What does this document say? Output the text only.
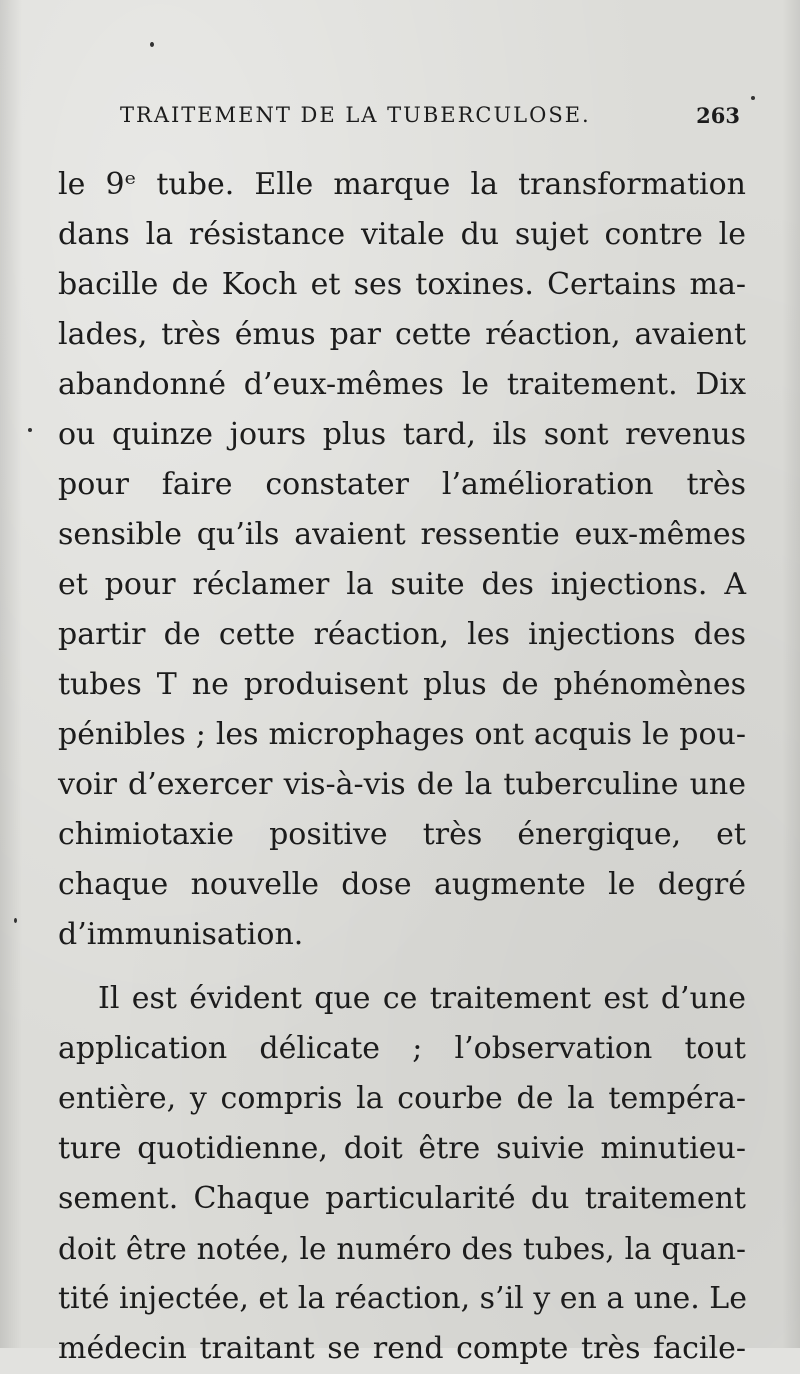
TRAITEMENT DE LA TUBERCULOSE.	263
le 9ᵉ tube. Elle marque la transformation
dans la résistance vitale du sujet contre le
bacille de Koch et ses toxines. Certains ma-
lades, très émus par cette réaction, avaient
abandonné d’eux-mêmes le traitement. Dix
ou quinze jours plus tard, ils sont revenus
pour faire constater l’amélioration très
sensible qu’ils avaient ressentie eux-mêmes
et pour réclamer la suite des injections. A
partir de cette réaction, les injections des
tubes T ne produisent plus de phénomènes
pénibles ; les microphages ont acquis le pou-
voir d’exercer vis-à-vis de la tuberculine une
chimiotaxie positive très énergique, et
chaque nouvelle dose augmente le degré
d’immunisation.
Il est évident que ce traitement est d’une
application délicate ; l’observation tout
entière, y compris la courbe de la tempéra-
ture quotidienne, doit être suivie minutieu-
sement. Chaque particularité du traitement
doit être notée, le numéro des tubes, la quan-
tité injectée, et la réaction, s’il y en a une. Le
médecin traitant se rend compte très facile-
